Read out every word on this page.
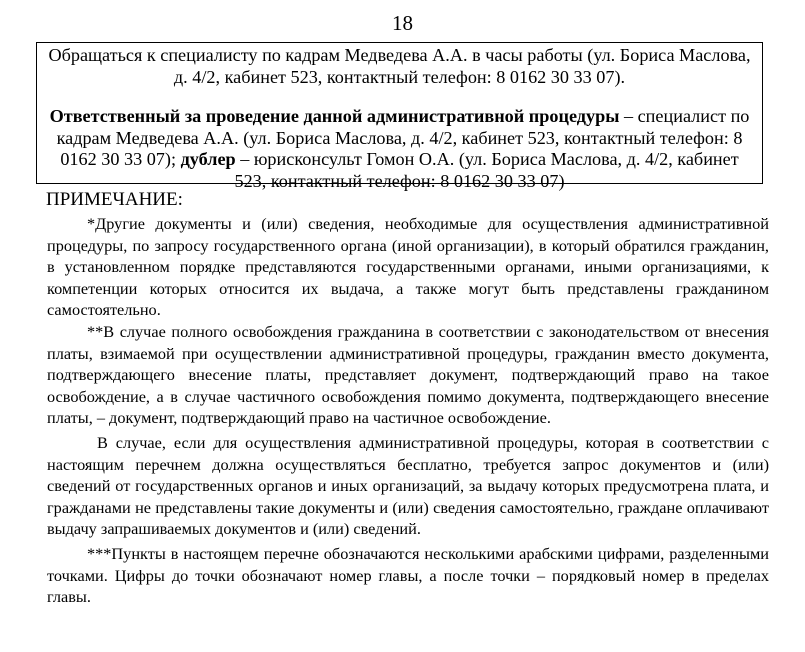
18

Обращаться к специалисту по кадрам Медведева А.А. в часы работы (ул. Бориса Маслова, д. 4/2, кабинет 523, контактный телефон: 8 0162 30 33 07).

Ответственный за проведение данной административной процедуры – специалист по кадрам Медведева А.А. (ул. Бориса Маслова, д. 4/2, кабинет 523, контактный телефон: 8 0162 30 33 07); дублер – юрисконсульт Гомон О.А. (ул. Бориса Маслова, д. 4/2, кабинет 523, контактный телефон: 8 0162 30 33 07)

ПРИМЕЧАНИЕ:

*Другие документы и (или) сведения, необходимые для осуществления административной процедуры, по запросу государственного органа (иной организации), в который обратился гражданин, в установленном порядке представляются государственными органами, иными организациями, к компетенции которых относится их выдача, а также могут быть представлены гражданином самостоятельно.

**В случае полного освобождения гражданина в соответствии с законодательством от внесения платы, взимаемой при осуществлении административной процедуры, гражданин вместо документа, подтверждающего внесение платы, представляет документ, подтверждающий право на такое освобождение, а в случае частичного освобождения помимо документа, подтверждающего внесение платы, – документ, подтверждающий право на частичное освобождение.

В случае, если для осуществления административной процедуры, которая в соответствии с настоящим перечнем должна осуществляться бесплатно, требуется запрос документов и (или) сведений от государственных органов и иных организаций, за выдачу которых предусмотрена плата, и гражданами не представлены такие документы и (или) сведения самостоятельно, граждане оплачивают выдачу запрашиваемых документов и (или) сведений.

***Пункты в настоящем перечне обозначаются несколькими арабскими цифрами, разделенными точками. Цифры до точки обозначают номер главы, а после точки – порядковый номер в пределах главы.
